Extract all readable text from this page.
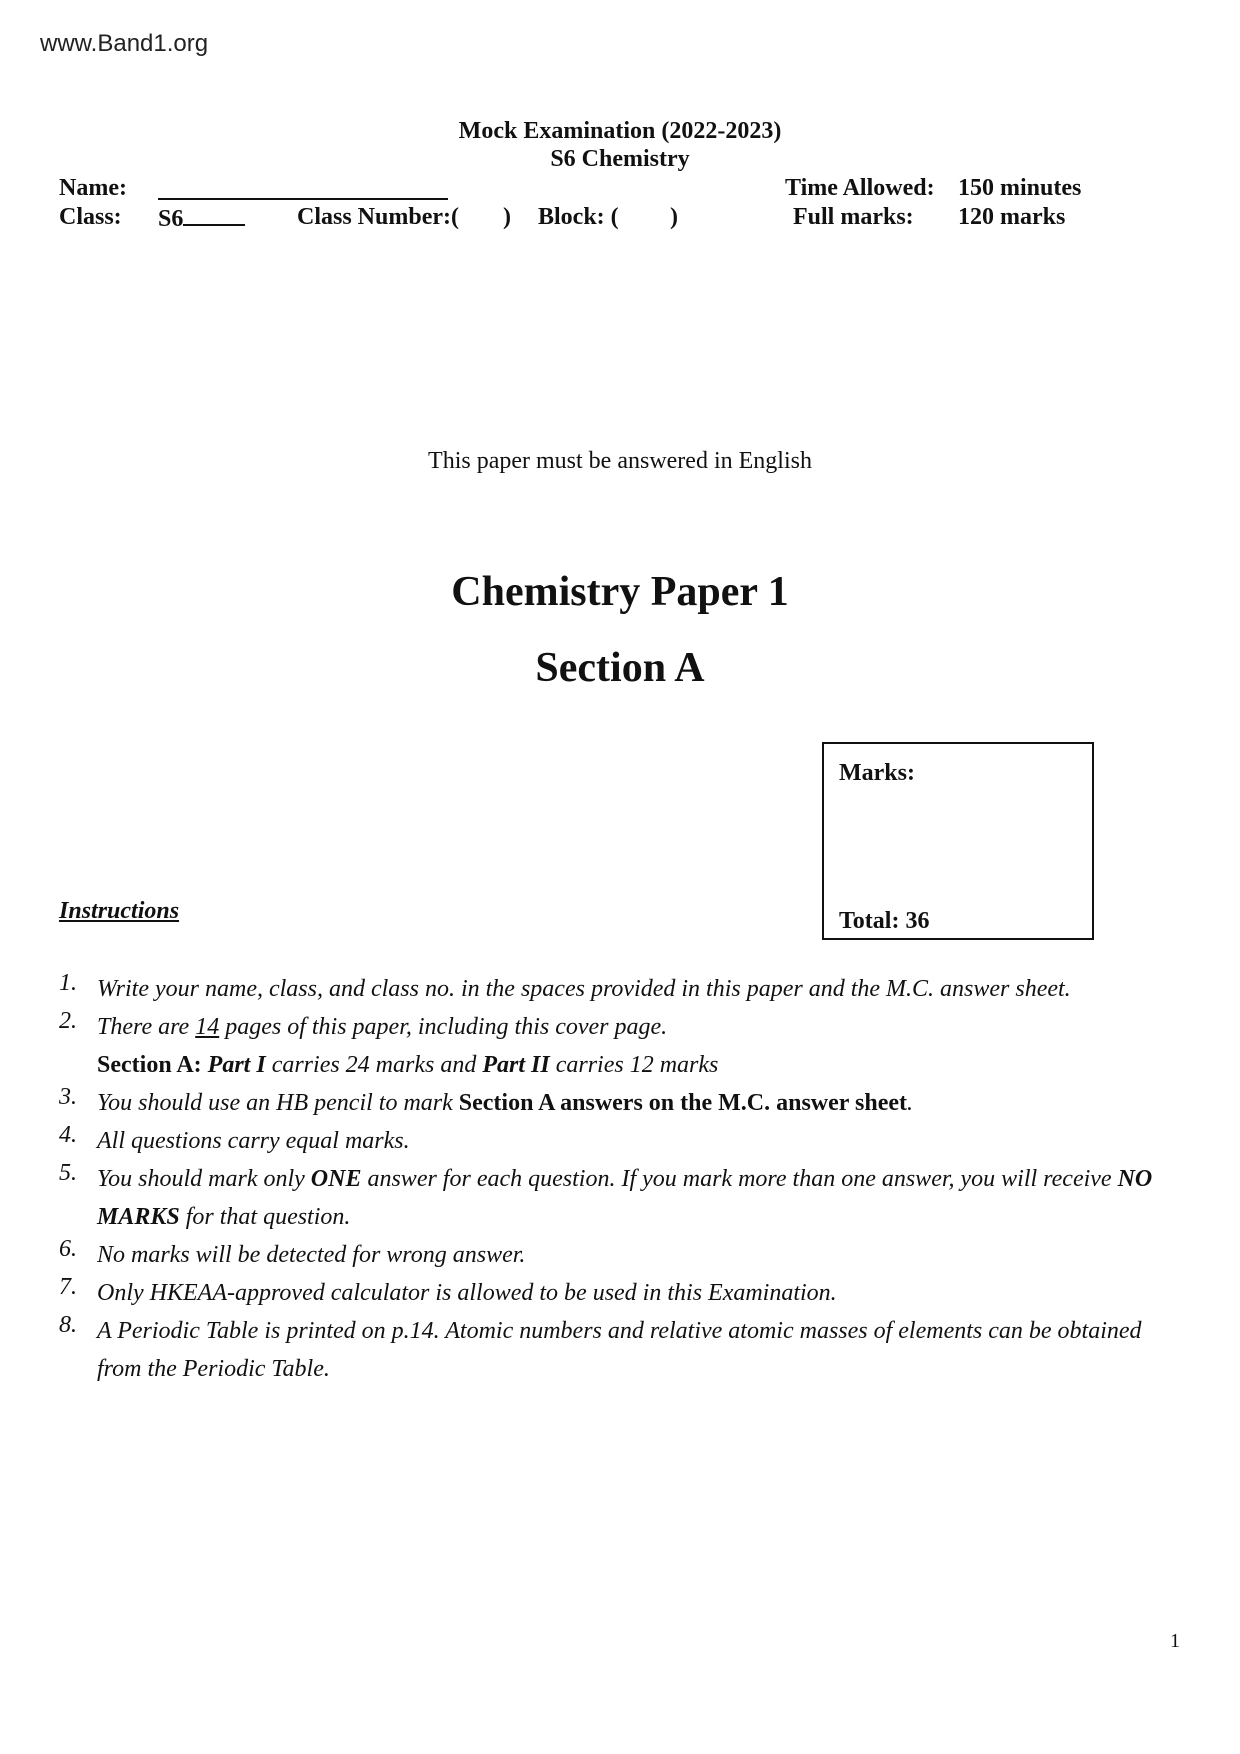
www.Band1.org
Mock Examination (2022-2023)
S6 Chemistry
Name:	Time Allowed: 150 minutes
Class: S6	Class Number:( ) Block: ( )	Full marks: 120 marks
This paper must be answered in English
Chemistry Paper 1
Section A
Marks:
Total: 36
Instructions
1. Write your name, class, and class no. in the spaces provided in this paper and the M.C. answer sheet.
2. There are 14 pages of this paper, including this cover page.
Section A: Part I carries 24 marks and Part II carries 12 marks
3. You should use an HB pencil to mark Section A answers on the M.C. answer sheet.
4. All questions carry equal marks.
5. You should mark only ONE answer for each question. If you mark more than one answer, you will receive NO MARKS for that question.
6. No marks will be detected for wrong answer.
7. Only HKEAA-approved calculator is allowed to be used in this Examination.
8. A Periodic Table is printed on p.14. Atomic numbers and relative atomic masses of elements can be obtained from the Periodic Table.
1
